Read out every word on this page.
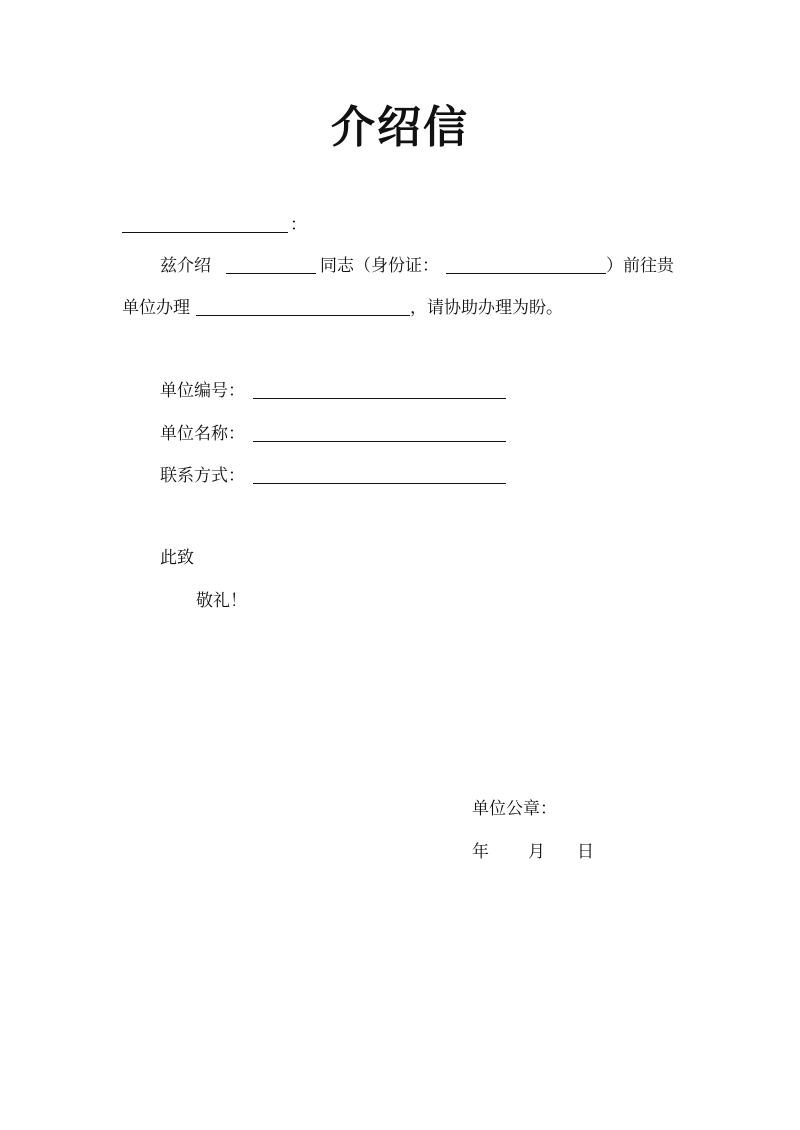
介绍信
：
兹介绍	同志（身份证：	）前往贵
单位办理	，请协助办理为盼。
单位编号：
单位名称：
联系方式：
此致
敬礼！
单位公章：
年 月 日
